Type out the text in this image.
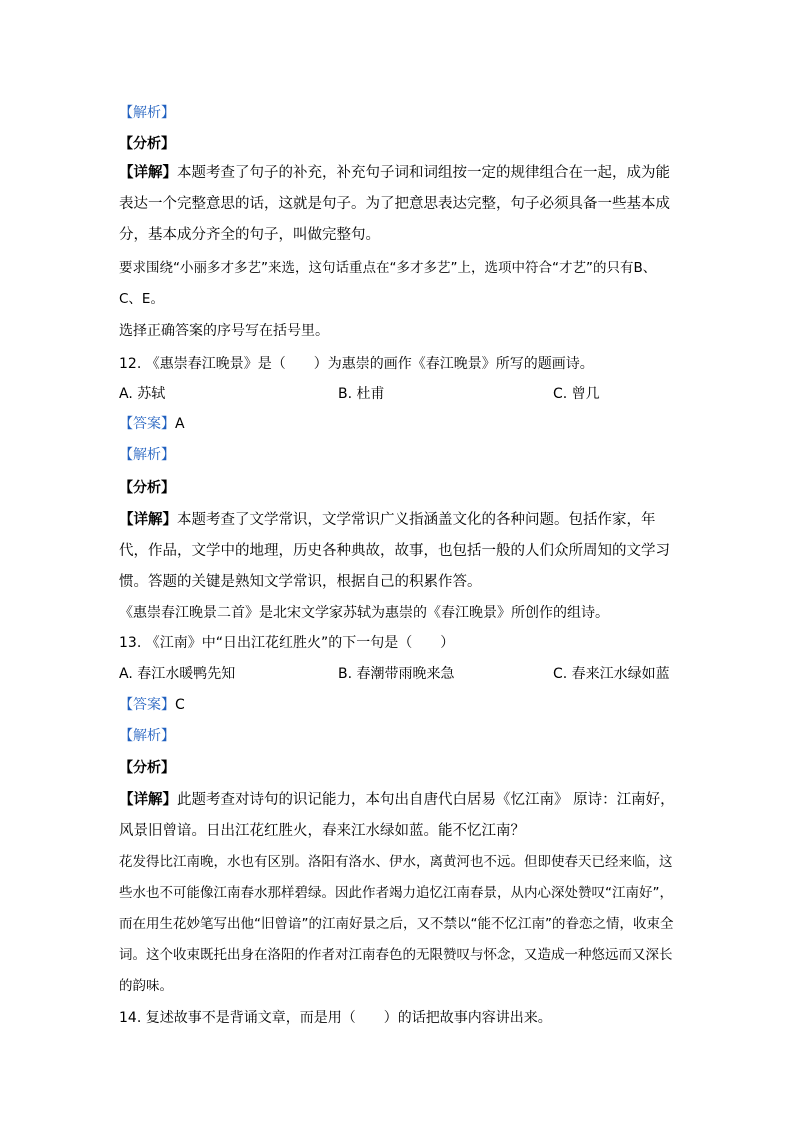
【解析】
【分析】
【详解】本题考查了句子的补充，补充句子词和词组按一定的规律组合在一起，成为能表达一个完整意思的话，这就是句子。为了把意思表达完整，句子必须具备一些基本成分，基本成分齐全的句子，叫做完整句。
要求围绕“小丽多才多艺”来选，这句话重点在“多才多艺”上，选项中符合“才艺”的只有B、C、E。
选择正确答案的序号写在括号里。
12. 《惠崇春江晚景》是（　　）为惠崇的画作《春江晚景》所写的题画诗。
A. 苏轼	B. 杜甫	C. 曾几
【答案】A
【解析】
【分析】
【详解】本题考查了文学常识，文学常识广义指涵盖文化的各种问题。包括作家，年代，作品，文学中的地理，历史各种典故，故事，也包括一般的人们众所周知的文学习惯。答题的关键是熟知文学常识，根据自己的积累作答。
《惠崇春江晚景二首》是北宋文学家苏轼为惠崇的《春江晚景》所创作的组诗。
13. 《江南》中“日出江花红胜火”的下一句是（　　）
A. 春江水暖鸭先知	B. 春潮带雨晚来急	C. 春来江水绿如蓝
【答案】C
【解析】
【分析】
【详解】此题考查对诗句的识记能力，本句出自唐代白居易《忆江南》 原诗：江南好，风景旧曾谙。日出江花红胜火，春来江水绿如蓝。能不忆江南？
花发得比江南晚，水也有区别。洛阳有洛水、伊水，离黄河也不远。但即使春天已经来临，这些水也不可能像江南春水那样碧绿。因此作者竭力追忆江南春景，从内心深处赞叹“江南好”，而在用生花妙笔写出他“旧曾谙”的江南好景之后，又不禁以“能不忆江南”的眷恋之情，收束全词。这个收束既托出身在洛阳的作者对江南春色的无限赞叹与怀念，又造成一种悠远而又深长的韵味。
14. 复述故事不是背诵文章，而是用（　　）的话把故事内容讲出来。
